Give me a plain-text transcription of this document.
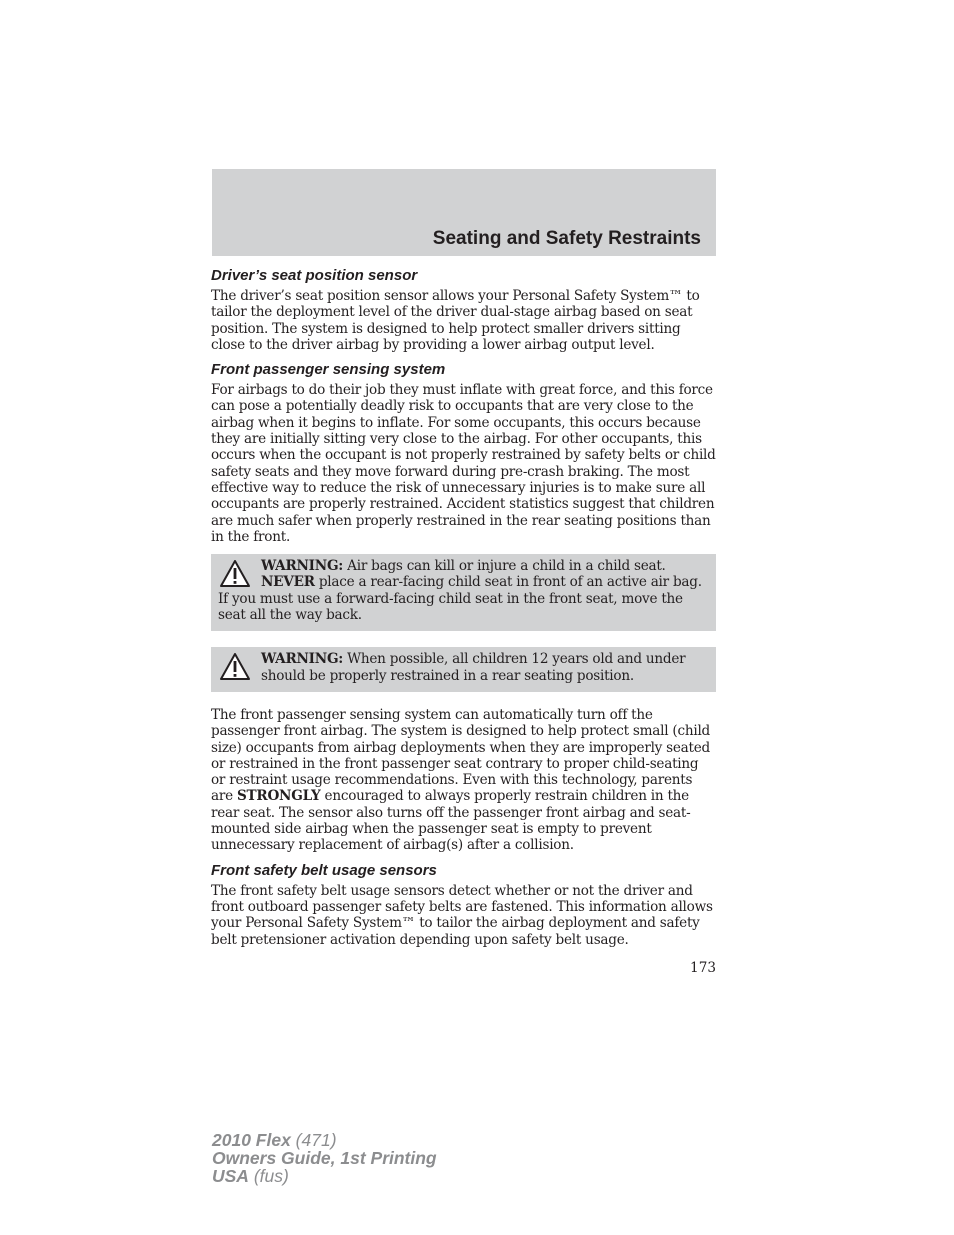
Seating and Safety Restraints
Driver’s seat position sensor

The driver’s seat position sensor allows your Personal Safety System™ to tailor the deployment level of the driver dual-stage airbag based on seat position. The system is designed to help protect smaller drivers sitting close to the driver airbag by providing a lower airbag output level.

Front passenger sensing system

For airbags to do their job they must inflate with great force, and this force can pose a potentially deadly risk to occupants that are very close to the airbag when it begins to inflate. For some occupants, this occurs because they are initially sitting very close to the airbag. For other occupants, this occurs when the occupant is not properly restrained by safety belts or child safety seats and they move forward during pre-crash braking. The most effective way to reduce the risk of unnecessary injuries is to make sure all occupants are properly restrained. Accident statistics suggest that children are much safer when properly restrained in the rear seating positions than in the front.

WARNING: Air bags can kill or injure a child in a child seat. NEVER place a rear-facing child seat in front of an active air bag. If you must use a forward-facing child seat in the front seat, move the seat all the way back.
WARNING: When possible, all children 12 years old and under should be properly restrained in a rear seating position.

The front passenger sensing system can automatically turn off the passenger front airbag. The system is designed to help protect small (child size) occupants from airbag deployments when they are improperly seated or restrained in the front passenger seat contrary to proper child-seating or restraint usage recommendations. Even with this technology, parents are STRONGLY encouraged to always properly restrain children in the rear seat. The sensor also turns off the passenger front airbag and seat-mounted side airbag when the passenger seat is empty to prevent unnecessary replacement of airbag(s) after a collision.

Front safety belt usage sensors

The front safety belt usage sensors detect whether or not the driver and front outboard passenger safety belts are fastened. This information allows your Personal Safety System™ to tailor the airbag deployment and safety belt pretensioner activation depending upon safety belt usage.

173
2010 Flex (471)
Owners Guide, 1st Printing
USA (fus)
